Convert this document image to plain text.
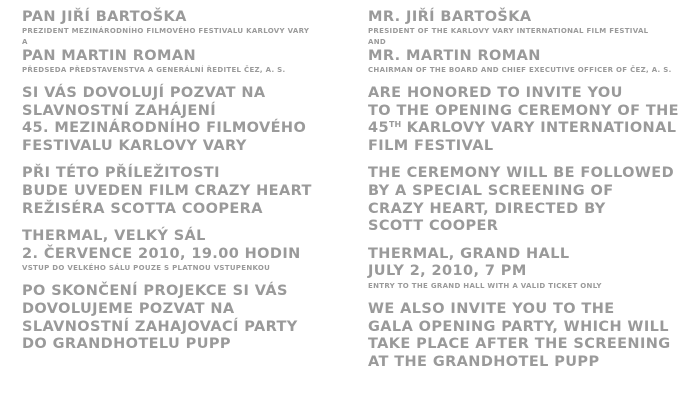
PAN JIŘÍ BARTOŠKA
PREZIDENT MEZINÁRODNÍHO FILMOVÉHO FESTIVALU KARLOVY VARY
A
PAN MARTIN ROMAN
PŘEDSEDA PŘEDSTAVENSTVA A GENERÁLNÍ ŘEDITEL ČEZ, A. S.
SI VÁS DOVOLUJÍ POZVAT NA
SLAVNOSTNÍ ZAHÁJENÍ
45. MEZINÁRODNÍHO FILMOVÉHO
FESTIVALU KARLOVY VARY
PŘI TÉTO PŘÍLEŽITOSTI
BUDE UVEDEN FILM CRAZY HEART
REŽISÉRA SCOTTA COOPERA
THERMAL, VELKÝ SÁL
2. ČERVENCE 2010, 19.00 HODIN
VSTUP DO VELKÉHO SÁLU POUZE S PLATNOU VSTUPENKOU
PO SKONČENÍ PROJEKCE SI VÁS
DOVOLUJEME POZVAT NA
SLAVNOSTNÍ ZAHAJOVACÍ PARTY
DO GRANDHOTELU PUPP
MR. JIŘÍ BARTOŠKA
PRESIDENT OF THE KARLOVY VARY INTERNATIONAL FILM FESTIVAL
AND
MR. MARTIN ROMAN
CHAIRMAN OF THE BOARD AND CHIEF EXECUTIVE OFFICER OF ČEZ, A. S.
ARE HONORED TO INVITE YOU
TO THE OPENING CEREMONY OF THE
45TH KARLOVY VARY INTERNATIONAL
FILM FESTIVAL
THE CEREMONY WILL BE FOLLOWED
BY A SPECIAL SCREENING OF
CRAZY HEART, DIRECTED BY
SCOTT COOPER
THERMAL, GRAND HALL
JULY 2, 2010, 7 PM
ENTRY TO THE GRAND HALL WITH A VALID TICKET ONLY
WE ALSO INVITE YOU TO THE
GALA OPENING PARTY, WHICH WILL
TAKE PLACE AFTER THE SCREENING
AT THE GRANDHOTEL PUPP
